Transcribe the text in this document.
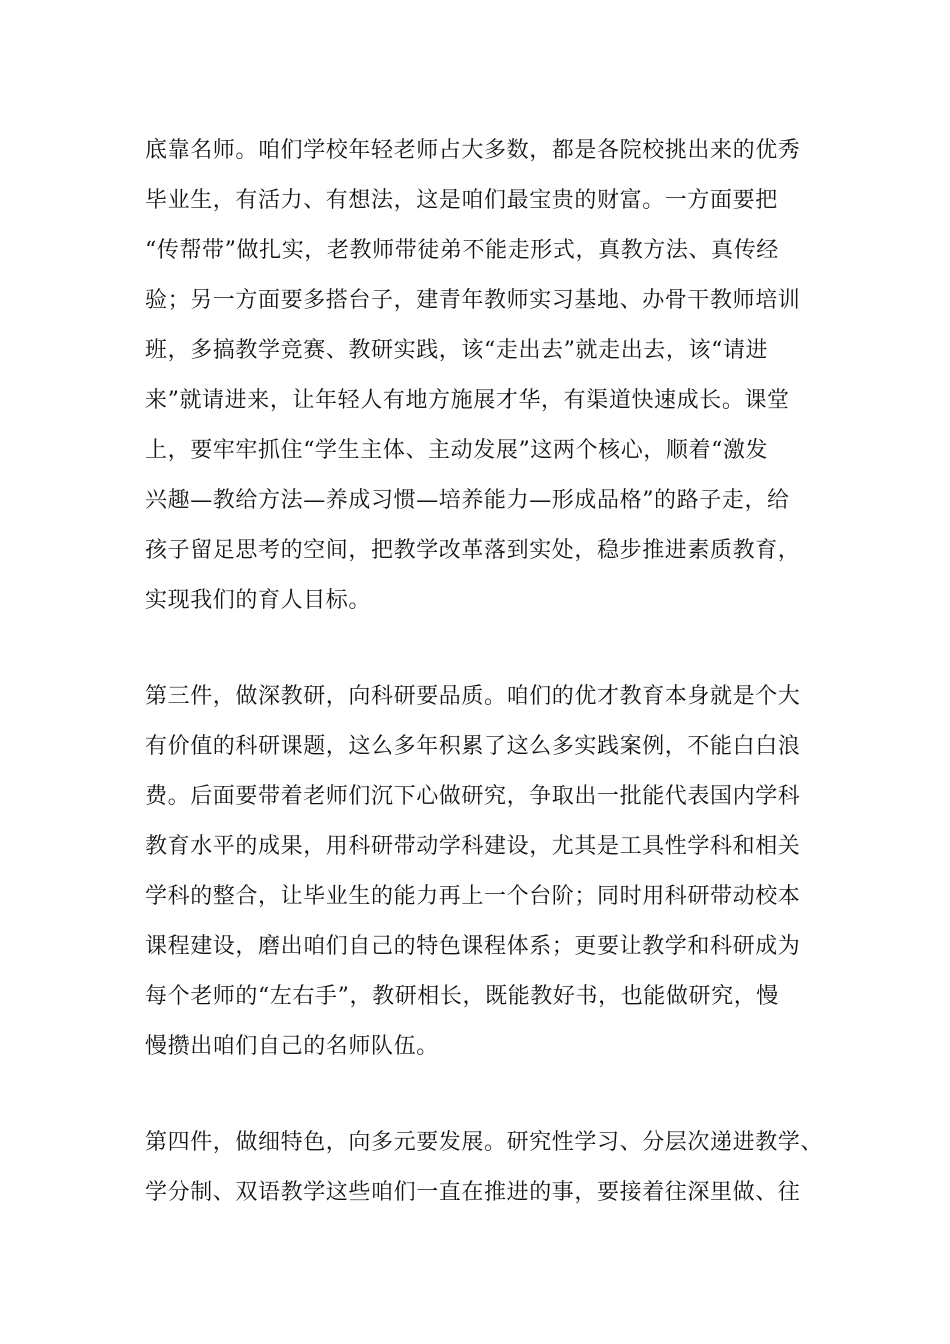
底靠名师。咱们学校年轻老师占大多数，都是各院校挑出来的优秀

毕业生，有活力、有想法，这是咱们最宝贵的财富。一方面要把

“传帮带”做扎实，老教师带徒弟不能走形式，真教方法、真传经

验；另一方面要多搭台子，建青年教师实习基地、办骨干教师培训

班，多搞教学竞赛、教研实践，该“走出去”就走出去，该“请进

来”就请进来，让年轻人有地方施展才华，有渠道快速成长。课堂

上，要牢牢抓住“学生主体、主动发展”这两个核心，顺着“激发

兴趣—教给方法—养成习惯—培养能力—形成品格”的路子走，给

孩子留足思考的空间，把教学改革落到实处，稳步推进素质教育，

实现我们的育人目标。

第三件，做深教研，向科研要品质。咱们的优才教育本身就是个大

有价值的科研课题，这么多年积累了这么多实践案例，不能白白浪

费。后面要带着老师们沉下心做研究，争取出一批能代表国内学科

教育水平的成果，用科研带动学科建设，尤其是工具性学科和相关

学科的整合，让毕业生的能力再上一个台阶；同时用科研带动校本

课程建设，磨出咱们自己的特色课程体系；更要让教学和科研成为

每个老师的“左右手”，教研相长，既能教好书，也能做研究，慢

慢攒出咱们自己的名师队伍。

第四件，做细特色，向多元要发展。研究性学习、分层次递进教学、

学分制、双语教学这些咱们一直在推进的事，要接着往深里做、往
